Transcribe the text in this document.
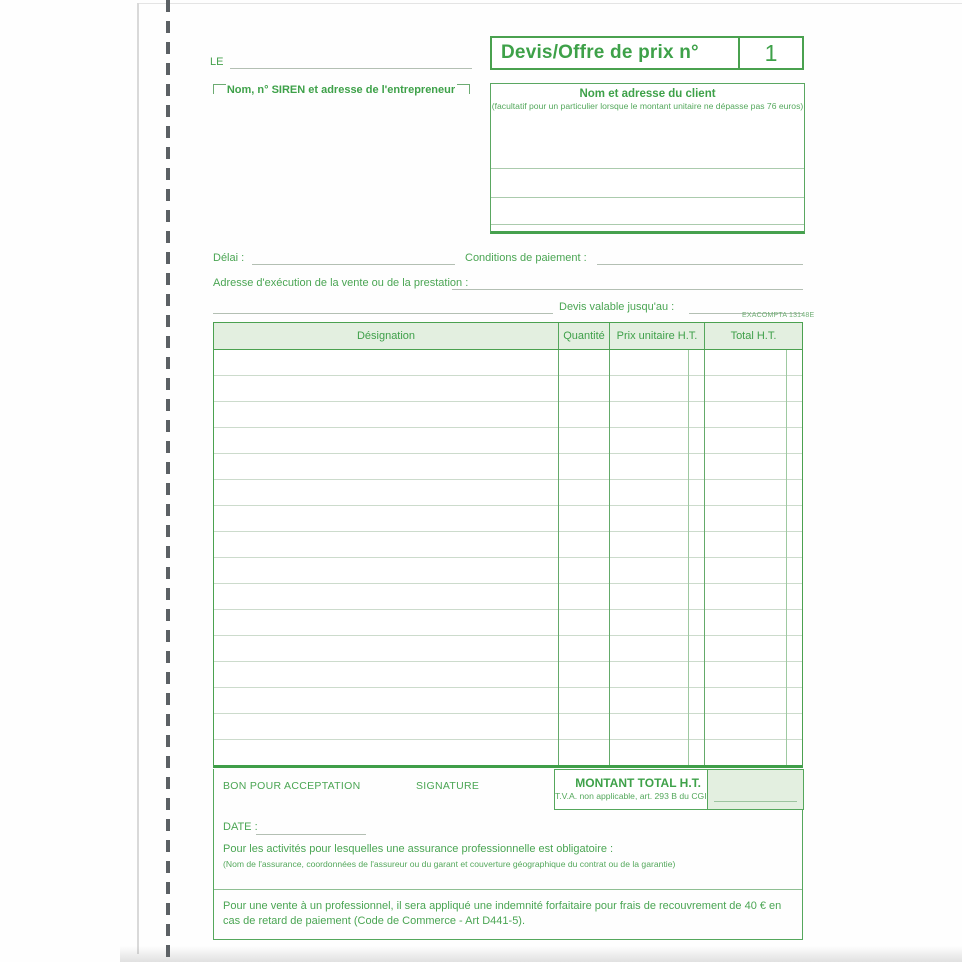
LE	Devis/Offre de prix n°	1
Nom, n° SIREN et adresse de l'entrepreneur	Nom et adresse du client
(facultatif pour un particulier lorsque le montant unitaire ne dépasse pas 76 euros)
Délai :	Conditions de paiement :
Adresse d'exécution de la vente ou de la prestation :
Devis valable jusqu'au :
EXACOMPTA 13148E
Désignation	Quantité	Prix unitaire H.T.	Total H.T.
BON POUR ACCEPTATION	SIGNATURE	MONTANT TOTAL H.T.
T.V.A. non applicable, art. 293 B du CGI
DATE :
Pour les activités pour lesquelles une assurance professionnelle est obligatoire :
(Nom de l'assurance, coordonnées de l'assureur ou du garant et couverture géographique du contrat ou de la garantie)
Pour une vente à un professionnel, il sera appliqué une indemnité forfaitaire pour frais de recouvrement de 40 € en cas de retard de paiement (Code de Commerce - Art D441-5).
